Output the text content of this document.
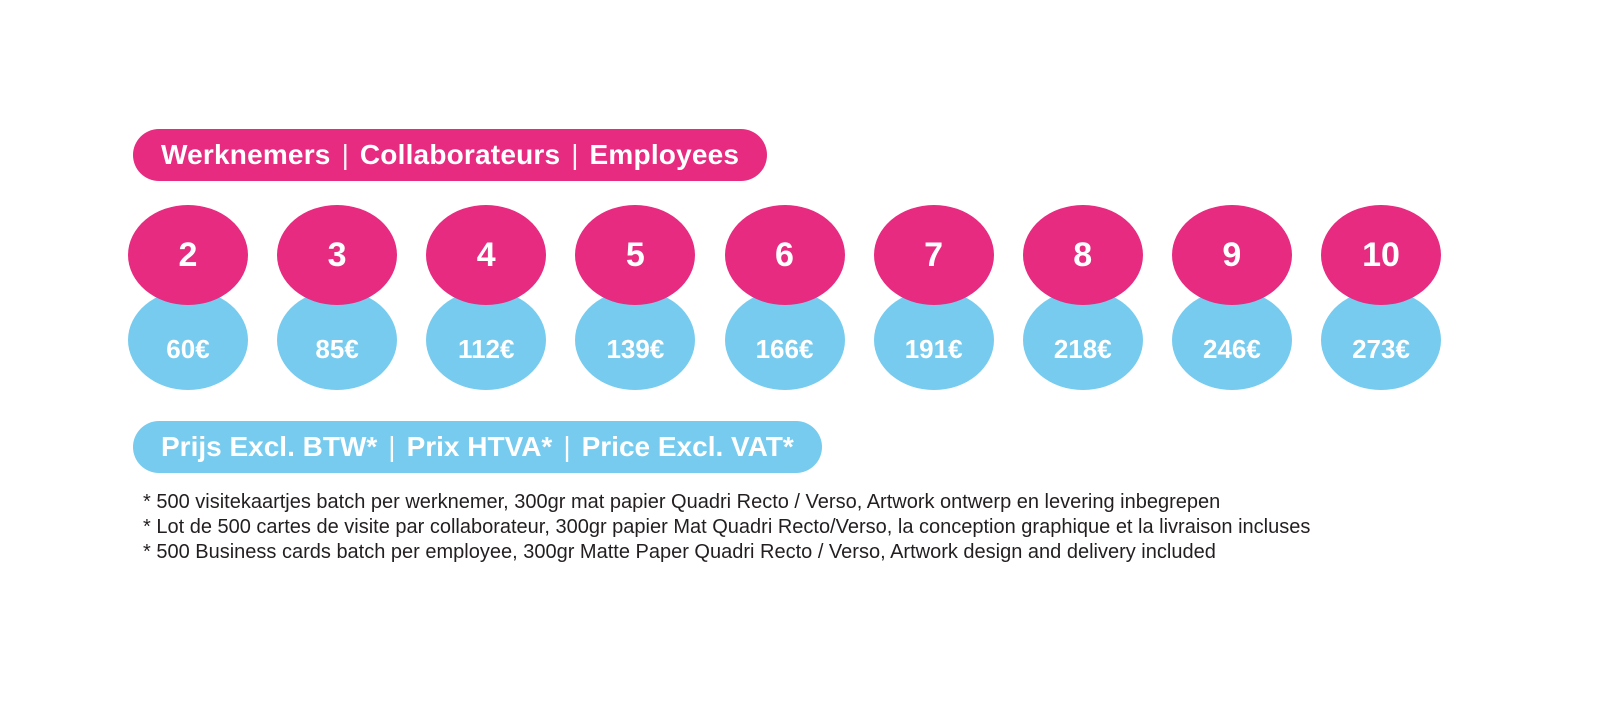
Werknemers | Collaborateurs | Employees
2
60€
3
85€
4
112€
5
139€
6
166€
7
191€
8
218€
9
246€
10
273€
Prijs Excl. BTW* | Prix HTVA* | Price Excl. VAT*
* 500 visitekaartjes batch per werknemer, 300gr mat papier Quadri Recto / Verso, Artwork ontwerp en levering inbegrepen
* Lot de 500 cartes de visite par collaborateur, 300gr papier Mat Quadri Recto/Verso, la conception graphique et la livraison incluses
* 500 Business cards batch per employee, 300gr Matte Paper Quadri Recto / Verso, Artwork design and delivery included
